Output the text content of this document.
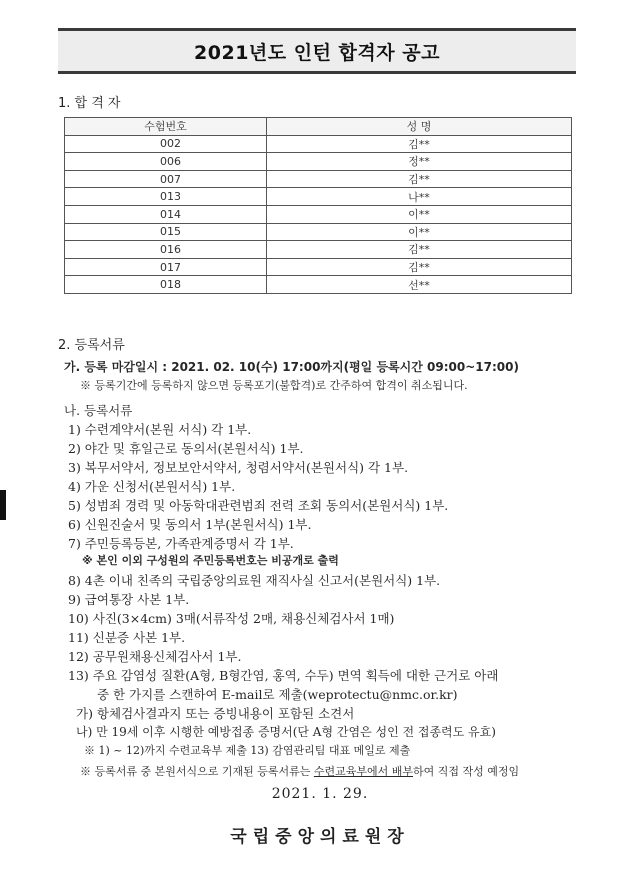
2021년도 인턴 합격자 공고
1. 합 격 자
수험번호	성 명
002	김**
006	정**
007	김**
013	나**
014	이**
015	이**
016	김**
017	김**
018	선**
2. 등록서류
가. 등록 마감일시 : 2021. 02. 10(수) 17:00까지(평일 등록시간 09:00~17:00)
※ 등록기간에 등록하지 않으면 등록포기(불합격)로 간주하여 합격이 취소됩니다.
나. 등록서류
1) 수련계약서(본원 서식) 각 1부.
2) 야간 및 휴일근로 동의서(본원서식) 1부.
3) 복무서약서, 정보보안서약서, 청렴서약서(본원서식) 각 1부.
4) 가운 신청서(본원서식) 1부.
5) 성범죄 경력 및 아동학대관련범죄 전력 조회 동의서(본원서식) 1부.
6) 신원진술서 및 동의서 1부(본원서식) 1부.
7) 주민등록등본, 가족관계증명서 각 1부.
※ 본인 이외 구성원의 주민등록번호는 비공개로 출력
8) 4촌 이내 친족의 국립중앙의료원 재직사실 신고서(본원서식) 1부.
9) 급여통장 사본 1부.
10) 사진(3×4cm) 3매(서류작성 2매, 채용신체검사서 1매)
11) 신분증 사본 1부.
12) 공무원채용신체검사서 1부.
13) 주요 감염성 질환(A형, B형간염, 홍역, 수두) 면역 획득에 대한 근거로 아래
중 한 가지를 스캔하여 E-mail로 제출(weprotectu@nmc.or.kr)
가) 항체검사결과지 또는 증빙내용이 포함된 소견서
나) 만 19세 이후 시행한 예방접종 증명서(단 A형 간염은 성인 전 접종력도 유효)
※ 1) ~ 12)까지 수련교육부 제출 13) 감염관리팀 대표 메일로 제출
※ 등록서류 중 본원서식으로 기재된 등록서류는 수련교육부에서 배부하여 직접 작성 예정임
2021. 1. 29.
국립중앙의료원장
